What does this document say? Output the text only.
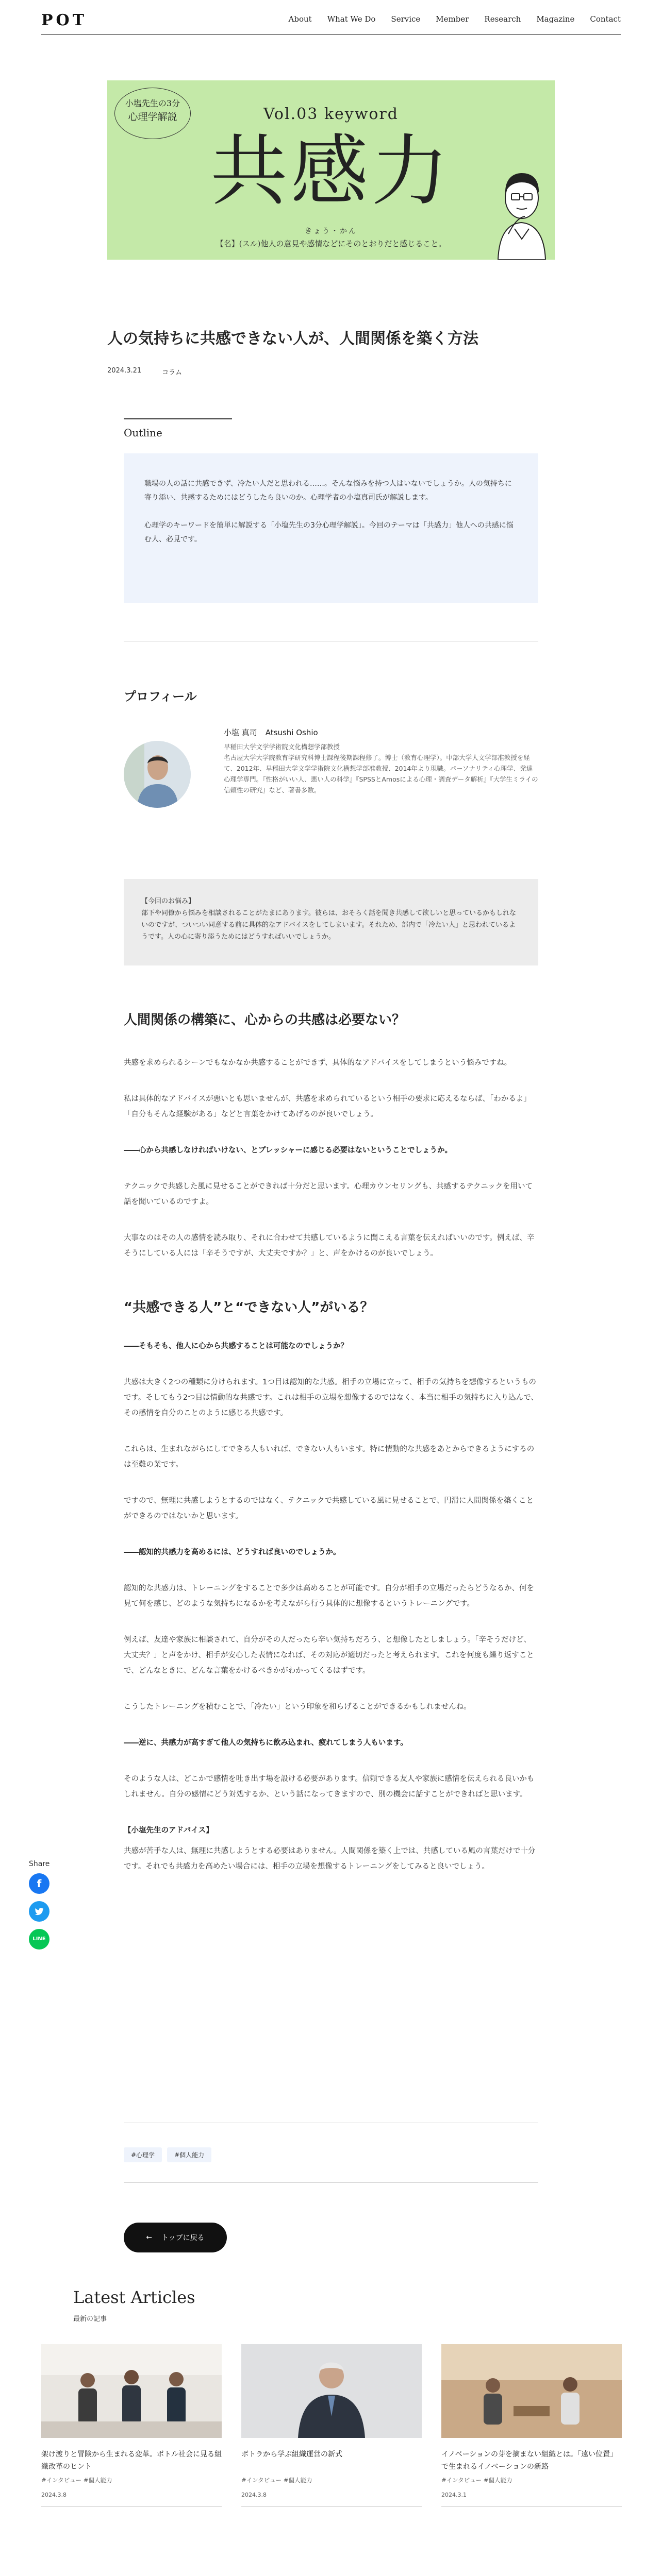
POT	About What We Do Service Member Research Magazine Contact
小塩先生の3分
心理学解説	Vol.03 keyword
共感力
きょう・かん
【名】(スル)他人の意見や感情などにそのとおりだと感じること。
人の気持ちに共感できない人が、人間関係を築く方法
2024.3.21	コラム
Outline

職場の人の話に共感できず、冷たい人だと思われる……。そんな悩みを持つ人はいないでしょうか。人の気持ちに寄り添い、共感するためにはどうしたら良いのか。心理学者の小塩真司氏が解説します。

心理学のキーワードを簡単に解説する「小塩先生の3分心理学解説」。今回のテーマは「共感力」他人への共感に悩む人、必見です。

プロフィール
小塩 真司 Atsushi Oshio
早稲田大学文学学術院文化構想学部教授
名古屋大学大学院教育学研究科博士課程後期課程修了。博士（教育心理学）。中部大学人文学部准教授を経て、2012年、早稲田大学文学学術院文化構想学部准教授、2014年より現職。パーソナリティ心理学、発達心理学専門。『性格がいい人、悪い人の科学』『SPSSとAmosによる心理・調査データ解析』『大学生ミライの信頼性の研究』など、著書多数。
【今回のお悩み】
部下や同僚から悩みを相談されることがたまにあります。彼らは、おそらく話を聞き共感して欲しいと思っているかもしれないのですが、ついつい同意する前に具体的なアドバイスをしてしまいます。それため、部内で「冷たい人」と思われているようです。人の心に寄り添うためにはどうすればいいでしょうか。
人間関係の構築に、心からの共感は必要ない？

共感を求められるシーンでもなかなか共感することができず、具体的なアドバイスをしてしまうという悩みですね。

私は具体的なアドバイスが悪いとも思いませんが、共感を求められているという相手の要求に応えるならば、「わかるよ」「自分もそんな経験がある」などと言葉をかけてあげるのが良いでしょう。

――心から共感しなければいけない、とプレッシャーに感じる必要はないということでしょうか。

テクニックで共感した風に見せることができれば十分だと思います。心理カウンセリングも、共感するテクニックを用いて話を聞いているのですよ。

大事なのはその人の感情を読み取り、それに合わせて共感しているように聞こえる言葉を伝えればいいのです。例えば、辛そうにしている人には「辛そうですが、大丈夫ですか？」と、声をかけるのが良いでしょう。

“共感できる人”と“できない人”がいる？

――そもそも、他人に心から共感することは可能なのでしょうか？

共感は大きく2つの種類に分けられます。1つ目は認知的な共感。相手の立場に立って、相手の気持ちを想像するというものです。そしてもう2つ目は情動的な共感です。これは相手の立場を想像するのではなく、本当に相手の気持ちに入り込んで、その感情を自分のことのように感じる共感です。

これらは、生まれながらにしてできる人もいれば、できない人もいます。特に情動的な共感をあとからできるようにするのは至難の業です。

ですので、無理に共感しようとするのではなく、テクニックで共感している風に見せることで、円滑に人間関係を築くことができるのではないかと思います。

――認知的共感力を高めるには、どうすれば良いのでしょうか。

認知的な共感力は、トレーニングをすることで多少は高めることが可能です。自分が相手の立場だったらどうなるか、何を見て何を感じ、どのような気持ちになるかを考えながら行う具体的に想像するというトレーニングです。

例えば、友達や家族に相談されて、自分がその人だったら辛い気持ちだろう、と想像したとしましょう。「辛そうだけど、大丈夫？」と声をかけ、相手が安心した表情になれば、その対応が適切だったと考えられます。これを何度も繰り返すことで、どんなときに、どんな言葉をかけるべきかがわかってくるはずです。

こうしたトレーニングを積むことで、「冷たい」という印象を和らげることができるかもしれませんね。

――逆に、共感力が高すぎて他人の気持ちに飲み込まれ、疲れてしまう人もいます。

そのような人は、どこかで感情を吐き出す場を設ける必要があります。信頼できる友人や家族に感情を伝えられる良いかもしれません。自分の感情にどう対処するか、という話になってきますので、別の機会に話すことができればと思います。

【小塩先生のアドバイス】

共感が苦手な人は、無理に共感しようとする必要はありません。人間関係を築く上では、共感している風の言葉だけで十分です。それでも共感力を高めたい場合には、相手の立場を想像するトレーニングをしてみると良いでしょう。

Share
f
LINE
#心理学	#個人能力
← トップに戻る
Latest Articles
最新の記事
架け渡りと冒険から生まれる変革。ボトル社会に見る組織改革のヒント
#インタビュー #個人能力
2024.3.8
ボトラから学ぶ組織運営の新式
#インタビュー #個人能力
2024.3.8
イノベーションの芽を摘まない組織とは。「遠い位置」で生まれるイノベーションの新路
#インタビュー #個人能力
2024.3.1
